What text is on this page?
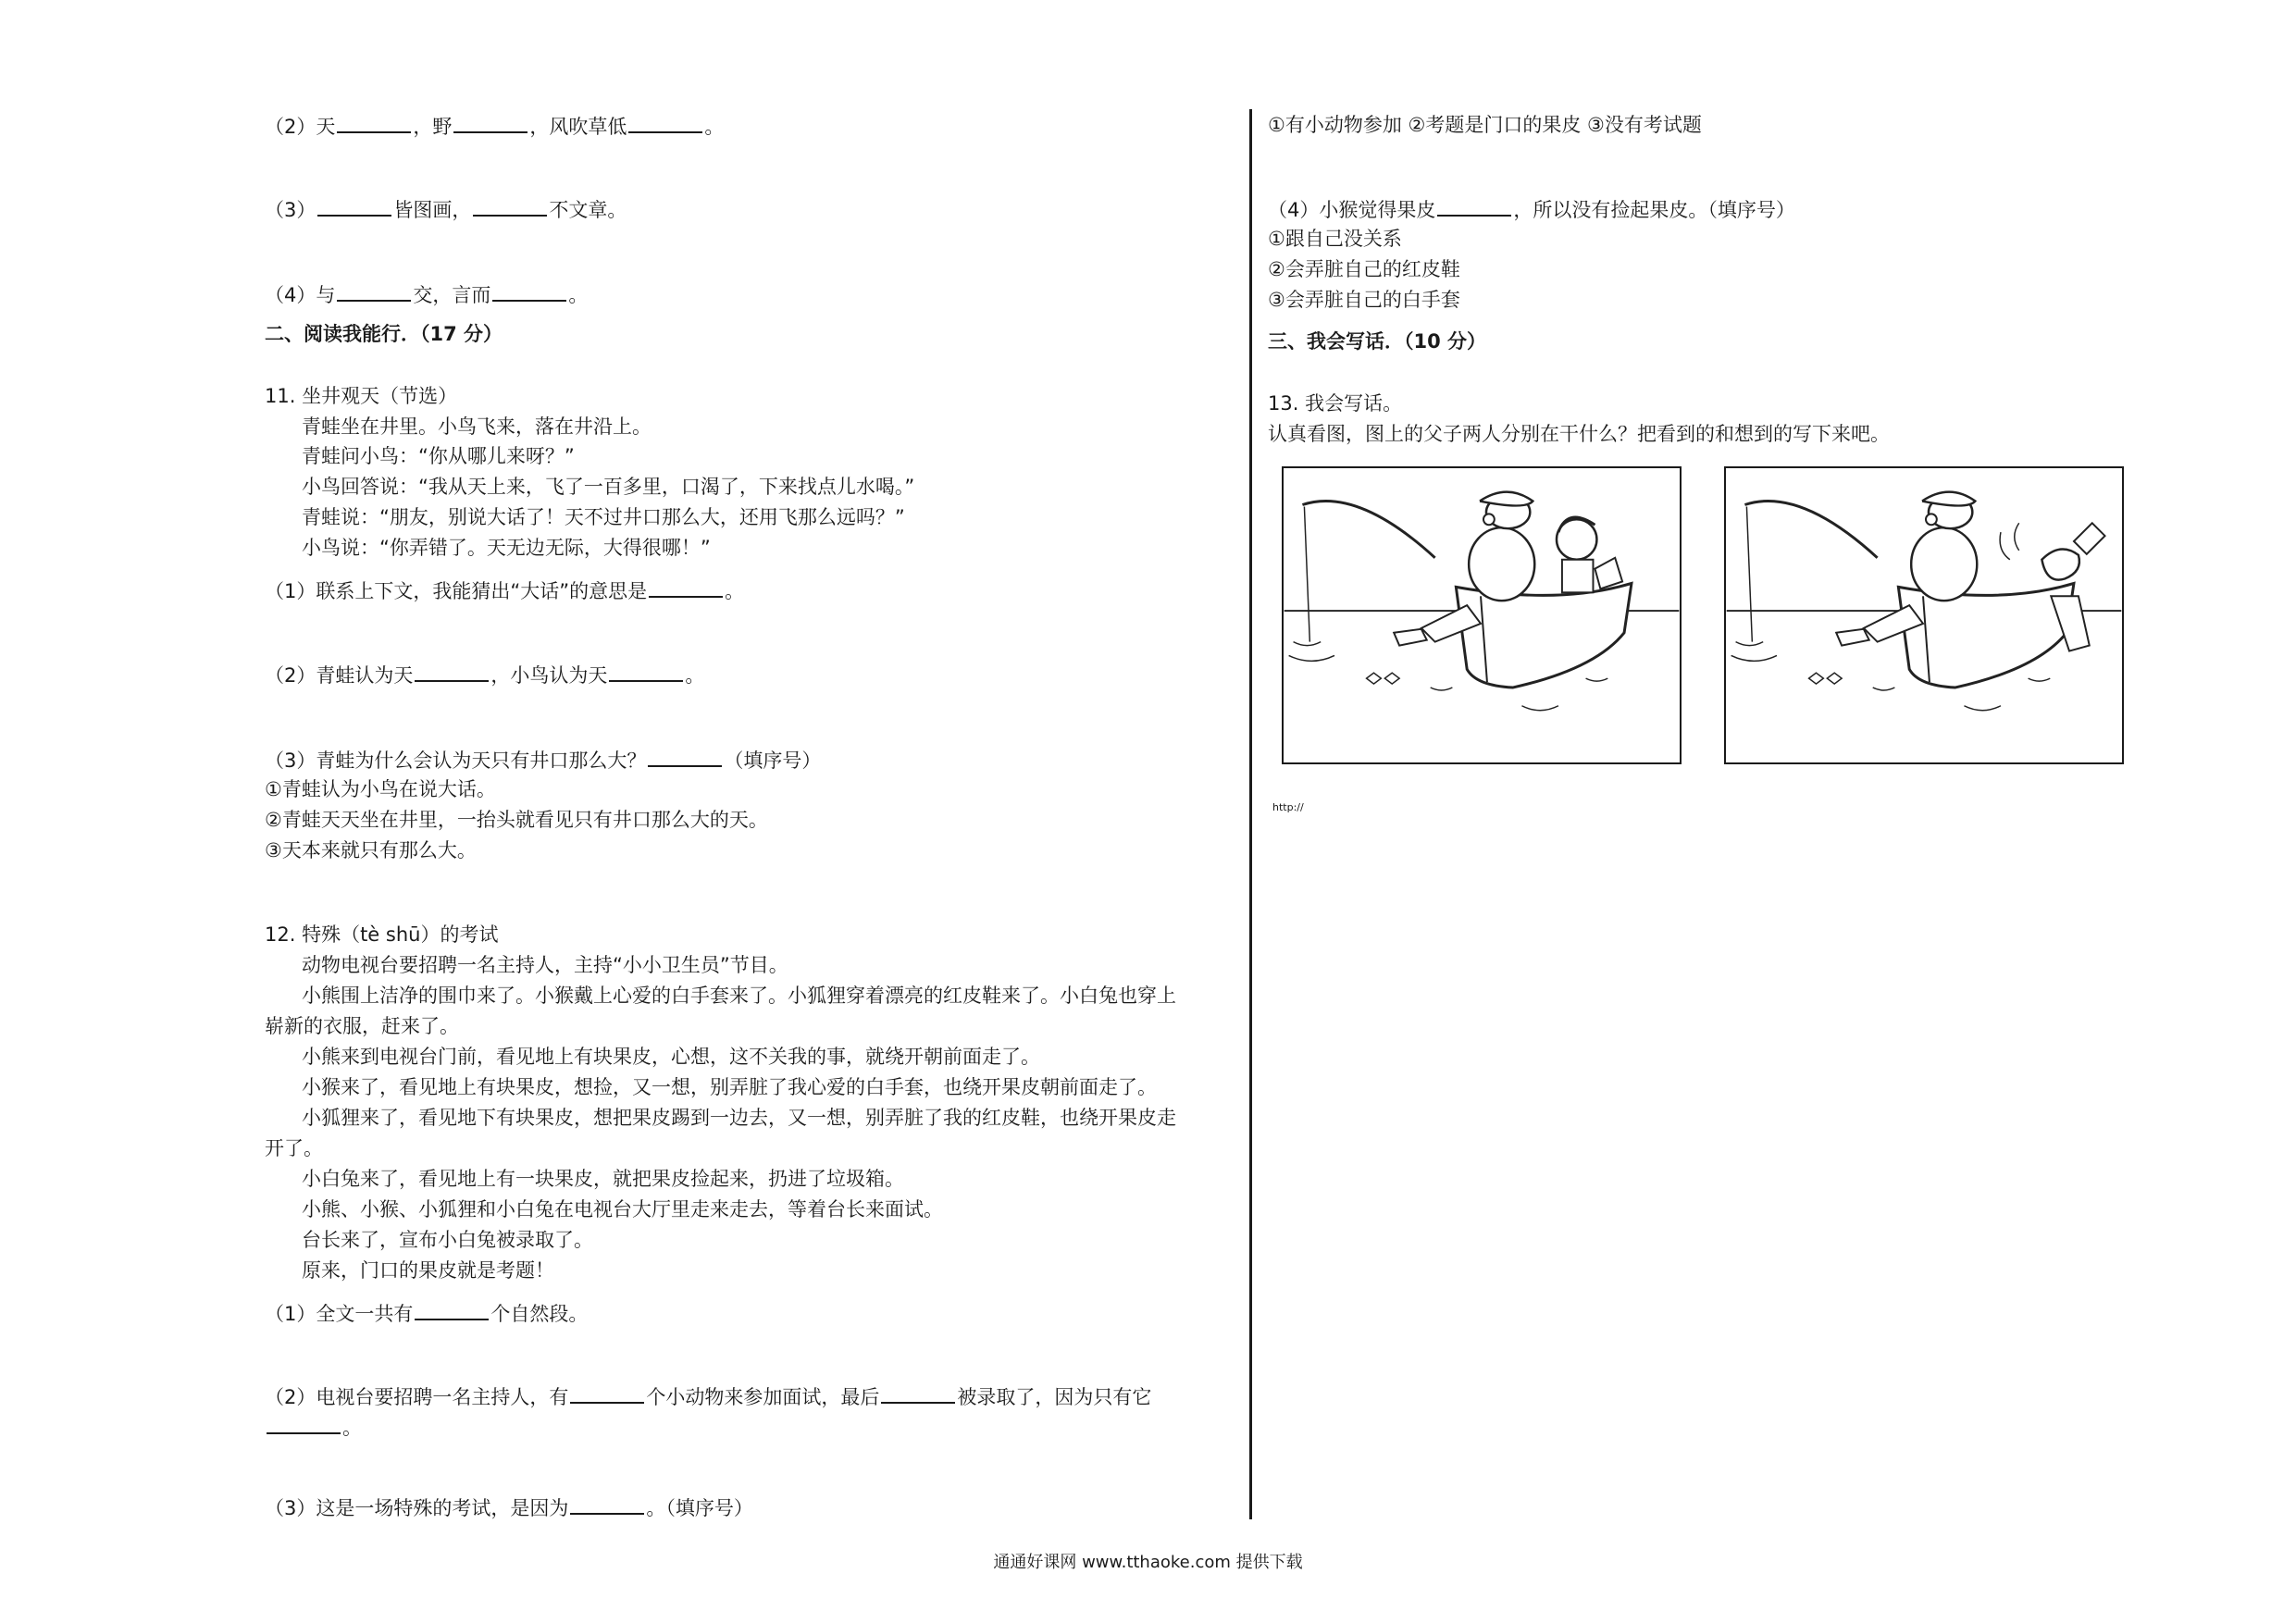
（2）天	，野	，风吹草低	。
（3）	皆图画，	不文章。
（4）与	交，言而	。
二、阅读我能行．（17 分）
11. 坐井观天（节选）
青蛙坐在井里。小鸟飞来，落在井沿上。
青蛙问小鸟：“你从哪儿来呀？”
小鸟回答说：“我从天上来，飞了一百多里，口渴了，下来找点儿水喝。”
青蛙说：“朋友，别说大话了！天不过井口那么大，还用飞那么远吗？”
小鸟说：“你弄错了。天无边无际，大得很哪！”
（1）联系上下文，我能猜出“大话”的意思是	。
（2）青蛙认为天	，小鸟认为天	。
（3）青蛙为什么会认为天只有井口那么大？	（填序号）
①青蛙认为小鸟在说大话。
②青蛙天天坐在井里，一抬头就看见只有井口那么大的天。
③天本来就只有那么大。
12. 特殊（tè shū）的考试
动物电视台要招聘一名主持人，主持“小小卫生员”节目。
小熊围上洁净的围巾来了。小猴戴上心爱的白手套来了。小狐狸穿着漂亮的红皮鞋来了。小白兔也穿上
崭新的衣服，赶来了。
小熊来到电视台门前，看见地上有块果皮，心想，这不关我的事，就绕开朝前面走了。
小猴来了，看见地上有块果皮，想捡，又一想，别弄脏了我心爱的白手套，也绕开果皮朝前面走了。
小狐狸来了，看见地下有块果皮，想把果皮踢到一边去，又一想，别弄脏了我的红皮鞋，也绕开果皮走
开了。
小白兔来了，看见地上有一块果皮，就把果皮捡起来，扔进了垃圾箱。
小熊、小猴、小狐狸和小白兔在电视台大厅里走来走去，等着台长来面试。
台长来了，宣布小白兔被录取了。
原来，门口的果皮就是考题！
（1）全文一共有	个自然段。
（2）电视台要招聘一名主持人，有	个小动物来参加面试，最后	被录取了，因为只有它
。
（3）这是一场特殊的考试，是因为	。（填序号）
①有小动物参加 ②考题是门口的果皮 ③没有考试题
（4）小猴觉得果皮	，所以没有捡起果皮。（填序号）
①跟自己没关系
②会弄脏自己的红皮鞋
③会弄脏自己的白手套
三、我会写话．（10 分）
13. 我会写话。
认真看图，图上的父子两人分别在干什么？把看到的和想到的写下来吧。
http://
通通好课网 www.tthaoke.com 提供下载
